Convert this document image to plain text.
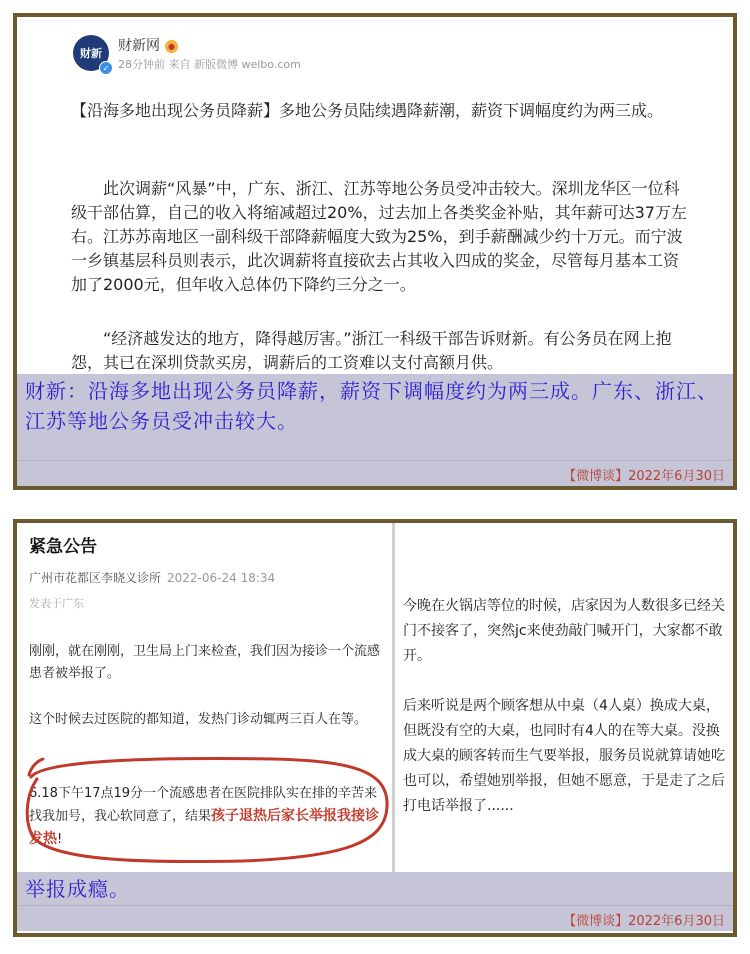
财新
✓
财新网 ●
28分钟前 来自 新版微博 weibo.com

【沿海多地出现公务员降薪】多地公务员陆续遇降薪潮，薪资下调幅度约为两三成。

此次调薪“风暴”中，广东、浙江、江苏等地公务员受冲击较大。深圳龙华区一位科级干部估算，自己的收入将缩减超过20%，过去加上各类奖金补贴，其年薪可达37万左右。江苏苏南地区一副科级干部降薪幅度大致为25%，到手薪酬减少约十万元。而宁波一乡镇基层科员则表示，此次调薪将直接砍去占其收入四成的奖金，尽管每月基本工资加了2000元，但年收入总体仍下降约三分之一。

“经济越发达的地方，降得越厉害。”浙江一科级干部告诉财新。有公务员在网上抱怨，其已在深圳贷款买房，调薪后的工资难以支付高额月供。

财新：沿海多地出现公务员降薪，薪资下调幅度约为两三成。广东、浙江、江苏等地公务员受冲击较大。
【微博谈】2022年6月30日
紧急公告
广州市花都区李晓义诊所 2022-06-24 18:34
发表于广东

刚刚，就在刚刚，卫生局上门来检查，我们因为接诊一个流感患者被举报了。

这个时候去过医院的都知道，发热门诊动辄两三百人在等。

6.18下午17点19分一个流感患者在医院排队实在排的辛苦来找我加号，我心软同意了，结果孩子退热后家长举报我接诊发热!

今晚在火锅店等位的时候，店家因为人数很多已经关门不接客了，突然jc来使劲敲门喊开门，大家都不敢开。

后来听说是两个顾客想从中桌（4人桌）换成大桌，但既没有空的大桌，也同时有4人的在等大桌。没换成大桌的顾客转而生气要举报，服务员说就算请她吃也可以，希望她别举报，但她不愿意，于是走了之后打电话举报了......

举报成瘾。
【微博谈】2022年6月30日
